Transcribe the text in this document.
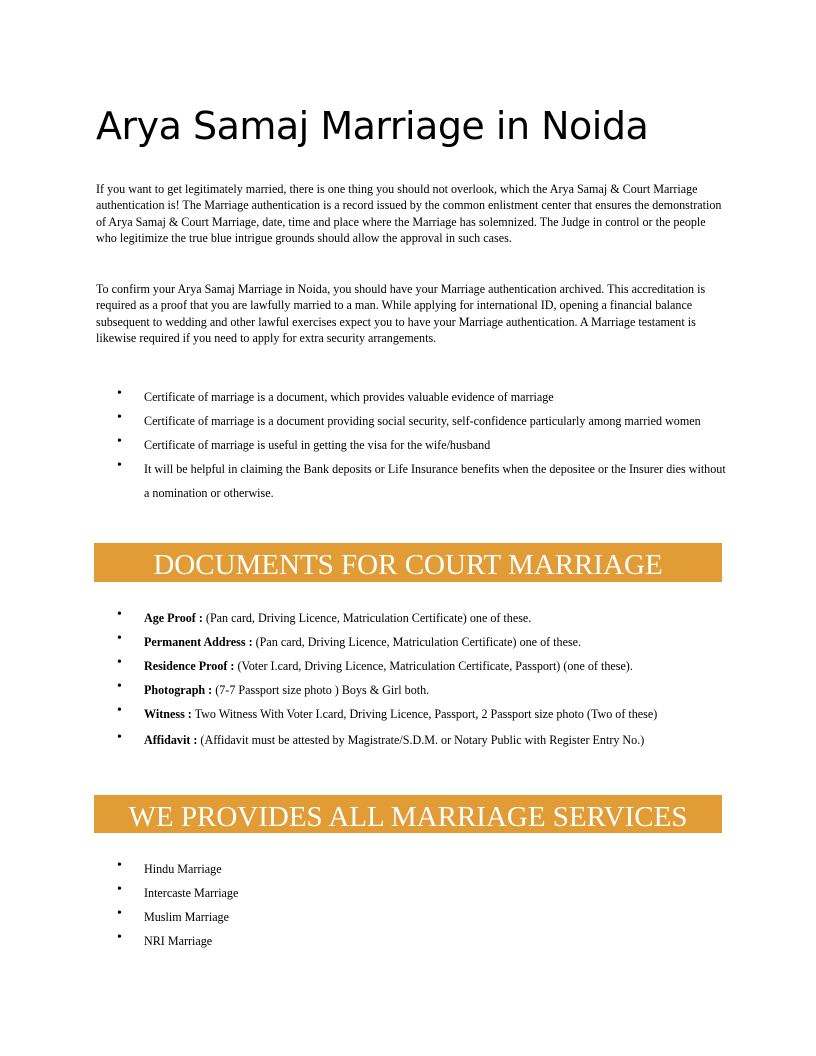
Arya Samaj Marriage in Noida

If you want to get legitimately married, there is one thing you should not overlook, which the Arya Samaj & Court Marriage authentication is! The Marriage authentication is a record issued by the common enlistment center that ensures the demonstration of Arya Samaj & Court Marriage, date, time and place where the Marriage has solemnized. The Judge in control or the people who legitimize the true blue intrigue grounds should allow the approval in such cases.

To confirm your Arya Samaj Marriage in Noida, you should have your Marriage authentication archived. This accreditation is required as a proof that you are lawfully married to a man. While applying for international ID, opening a financial balance subsequent to wedding and other lawful exercises expect you to have your Marriage authentication. A Marriage testament is likewise required if you need to apply for extra security arrangements.

• Certificate of marriage is a document, which provides valuable evidence of marriage
• Certificate of marriage is a document providing social security, self-confidence particularly among married women
• Certificate of marriage is useful in getting the visa for the wife/husband
• It will be helpful in claiming the Bank deposits or Life Insurance benefits when the depositee or the Insurer dies without a nomination or otherwise.
DOCUMENTS FOR COURT MARRIAGE
• Age Proof : (Pan card, Driving Licence, Matriculation Certificate) one of these.
• Permanent Address : (Pan card, Driving Licence, Matriculation Certificate) one of these.
• Residence Proof : (Voter I.card, Driving Licence, Matriculation Certificate, Passport) (one of these).
• Photograph : (7-7 Passport size photo ) Boys & Girl both.
• Witness : Two Witness With Voter I.card, Driving Licence, Passport, 2 Passport size photo (Two of these)
• Affidavit : (Affidavit must be attested by Magistrate/S.D.M. or Notary Public with Register Entry No.)
WE PROVIDES ALL MARRIAGE SERVICES
• Hindu Marriage
• Intercaste Marriage
• Muslim Marriage
• NRI Marriage
